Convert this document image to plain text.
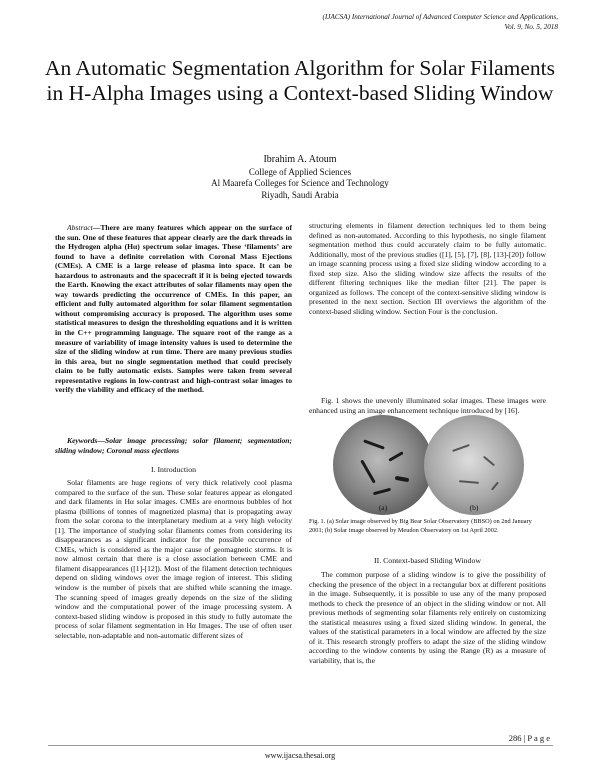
(IJACSA) International Journal of Advanced Computer Science and Applications,
Vol. 9, No. 5, 2018
An Automatic Segmentation Algorithm for Solar Filaments in H-Alpha Images using a Context-based Sliding Window
Ibrahim A. Atoum
College of Applied Sciences
Al Maarefa Colleges for Science and Technology
Riyadh, Saudi Arabia

Abstract—There are many features which appear on the surface of the sun. One of these features that appear clearly are the dark threads in the Hydrogen alpha (Hα) spectrum solar images. These ‘filaments’ are found to have a definite correlation with Coronal Mass Ejections (CMEs). A CME is a large release of plasma into space. It can be hazardous to astronauts and the spacecraft if it is being ejected towards the Earth. Knowing the exact attributes of solar filaments may open the way towards predicting the occurrence of CMEs. In this paper, an efficient and fully automated algorithm for solar filament segmentation without compromising accuracy is proposed. The algorithm uses some statistical measures to design the thresholding equations and it is written in the C++ programming language. The square root of the range as a measure of variability of image intensity values is used to determine the size of the sliding window at run time. There are many previous studies in this area, but no single segmentation method that could precisely claim to be fully automatic exists. Samples were taken from several representative regions in low-contrast and high-contrast solar images to verify the viability and efficacy of the method.

Keywords—Solar image processing; solar filament; segmentation; sliding window; Coronal mass ejections

I. Introduction

Solar filaments are huge regions of very thick relatively cool plasma compared to the surface of the sun. These solar features appear as elongated and dark filaments in Hα solar images. CMEs are enormous bubbles of hot plasma (billions of tonnes of magnetized plasma) that is propagating away from the solar corona to the interplanetary medium at a very high velocity [1]. The importance of studying solar filaments comes from considering its disappearances as a significant indicator for the possible occurrence of CMEs, which is considered as the major cause of geomagnetic storms. It is now almost certain that there is a close association between CME and filament disappearances ([1]-[12]). Most of the filament detection techniques depend on sliding windows over the image region of interest. This sliding window is the number of pixels that are shifted while scanning the image. The scanning speed of images greatly depends on the size of the sliding window and the computational power of the image processing system. A context-based sliding window is proposed in this study to fully automate the process of solar filament segmentation in Hα Images. The use of often user selectable, non-adaptable and non-automatic different sizes of

structuring elements in filament detection techniques led to them being defined as non-automated. According to this hypothesis, no single filament segmentation method thus could accurately claim to be fully automatic. Additionally, most of the previous studies ([1], [5], [7], [8], [13]-[20]) follow an image scanning process using a fixed size sliding window according to a fixed step size. Also the sliding window size affects the results of the different filtering techniques like the median filter [21]. The paper is organized as follows. The concept of the context-sensitive sliding window is presented in the next section. Section III overviews the algorithm of the context-based sliding window. Section Four is the conclusion.

Fig. 1 shows the unevenly illuminated solar images. These images were enhanced using an image enhancement technique introduced by [16].

(a)	(b)
Fig. 1. (a) Solar image observed by Big Bear Solar Observatory (BBSO) on 2nd January 2001; (b) Solar image observed by Meudon Observatory on 1st April 2002.
II. Context-based Sliding Window

The common purpose of a sliding window is to give the possibility of checking the presence of the object in a rectangular box at different positions in the image. Subsequently, it is possible to use any of the many proposed methods to check the presence of an object in the sliding window or not. All previous methods of segmenting solar filaments rely entirely on customizing the statistical measures using a fixed sized sliding window. In general, the values of the statistical parameters in a local window are affected by the size of it. This research strongly proffers to adapt the size of the sliding window according to the window contents by using the Range (R) as a measure of variability, that is, the

286 | P a g e
www.ijacsa.thesai.org
